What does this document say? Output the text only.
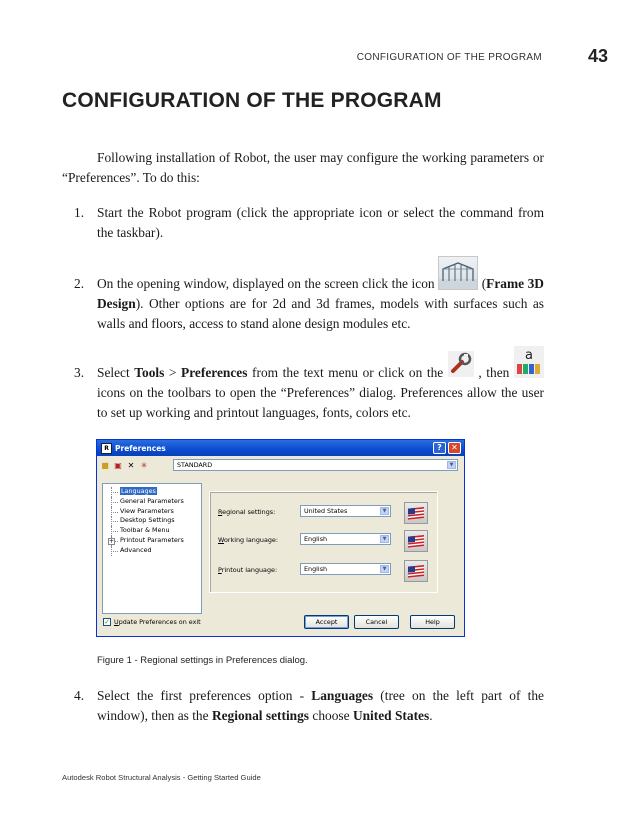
CONFIGURATION OF THE PROGRAM	43
CONFIGURATION OF THE PROGRAM

Following installation of Robot, the user may configure the working parameters or “Preferences”. To do this:

1. Start the Robot program (click the appropriate icon or select the command from the taskbar).
2. On the opening window, displayed on the screen click the icon	(Frame 3D Design). Other options are for 2d and 3d frames, models with surfaces such as walls and floors, access to stand alone design modules etc.
3. Select Tools > Preferences from the text menu or click on the	, then
a
icons on the toolbars to open the “Preferences” dialog. Preferences allow the user to set up working and printout languages, fonts, colors etc.
R Preferences	?	✕
■ ▣ ✕ ✳	STANDARD	▼
Languages
General Parameters
View Parameters
Desktop Settings
Toolbar & Menu
+ Printout Parameters
Advanced
Regional settings:	United States	▼
Working language:	English	▼
Printout language:	English	▼
✓ Update Preferences on exit	Accept	Cancel	Help
Figure 1 - Regional settings in Preferences dialog.
4. Select the first preferences option - Languages (tree on the left part of the window), then as the Regional settings choose United States.
Autodesk Robot Structural Analysis - Getting Started Guide
